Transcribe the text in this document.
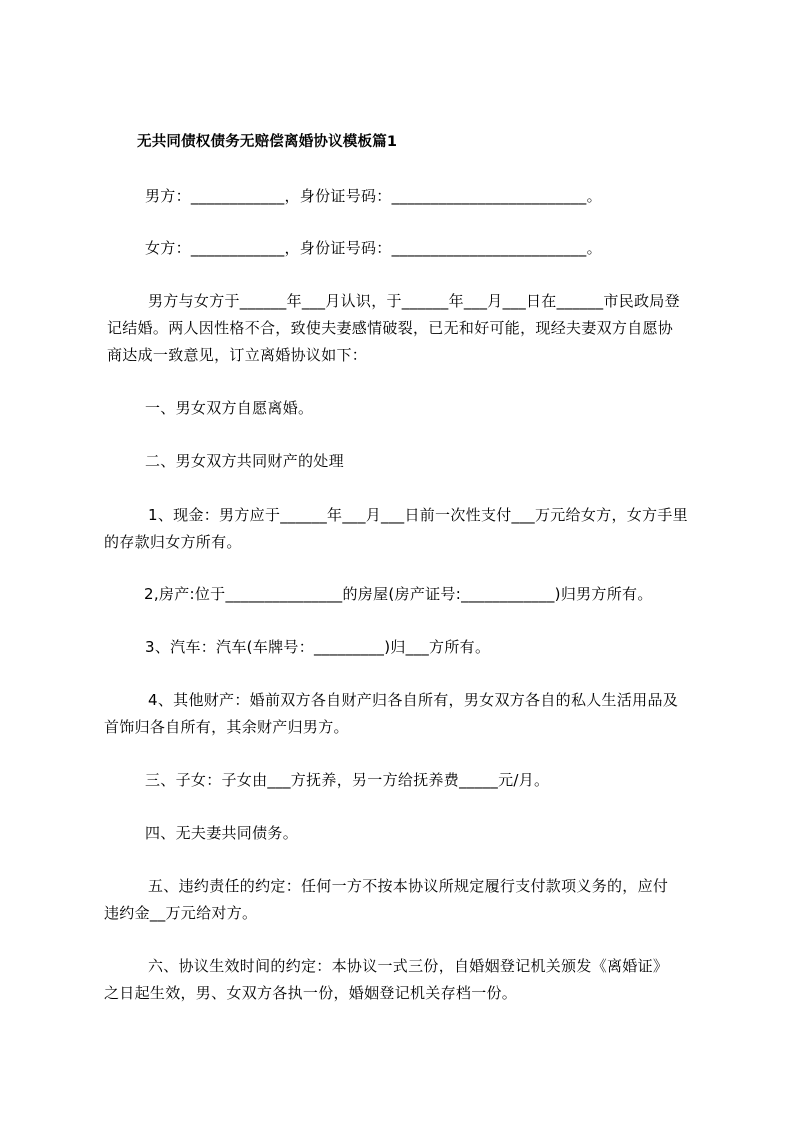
无共同债权债务无赔偿离婚协议模板篇1
男方：____________，身份证号码：_________________________。
女方：____________，身份证号码：_________________________。
男方与女方于______年___月认识，于______年___月___日在______市民政局登
记结婚。两人因性格不合，致使夫妻感情破裂，已无和好可能，现经夫妻双方自愿协
商达成一致意见，订立离婚协议如下：
一、男女双方自愿离婚。
二、男女双方共同财产的处理
1、现金：男方应于______年___月___日前一次性支付___万元给女方，女方手里
的存款归女方所有。
2,房产:位于_______________的房屋(房产证号:____________)归男方所有。
3、汽车：汽车(车牌号：_________)归___方所有。
4、其他财产：婚前双方各自财产归各自所有，男女双方各自的私人生活用品及
首饰归各自所有，其余财产归男方。
三、子女：子女由___方抚养，另一方给抚养费_____元/月。
四、无夫妻共同债务。
五、违约责任的约定：任何一方不按本协议所规定履行支付款项义务的，应付
违约金__万元给对方。
六、协议生效时间的约定：本协议一式三份，自婚姻登记机关颁发《离婚证》
之日起生效，男、女双方各执一份，婚姻登记机关存档一份。
